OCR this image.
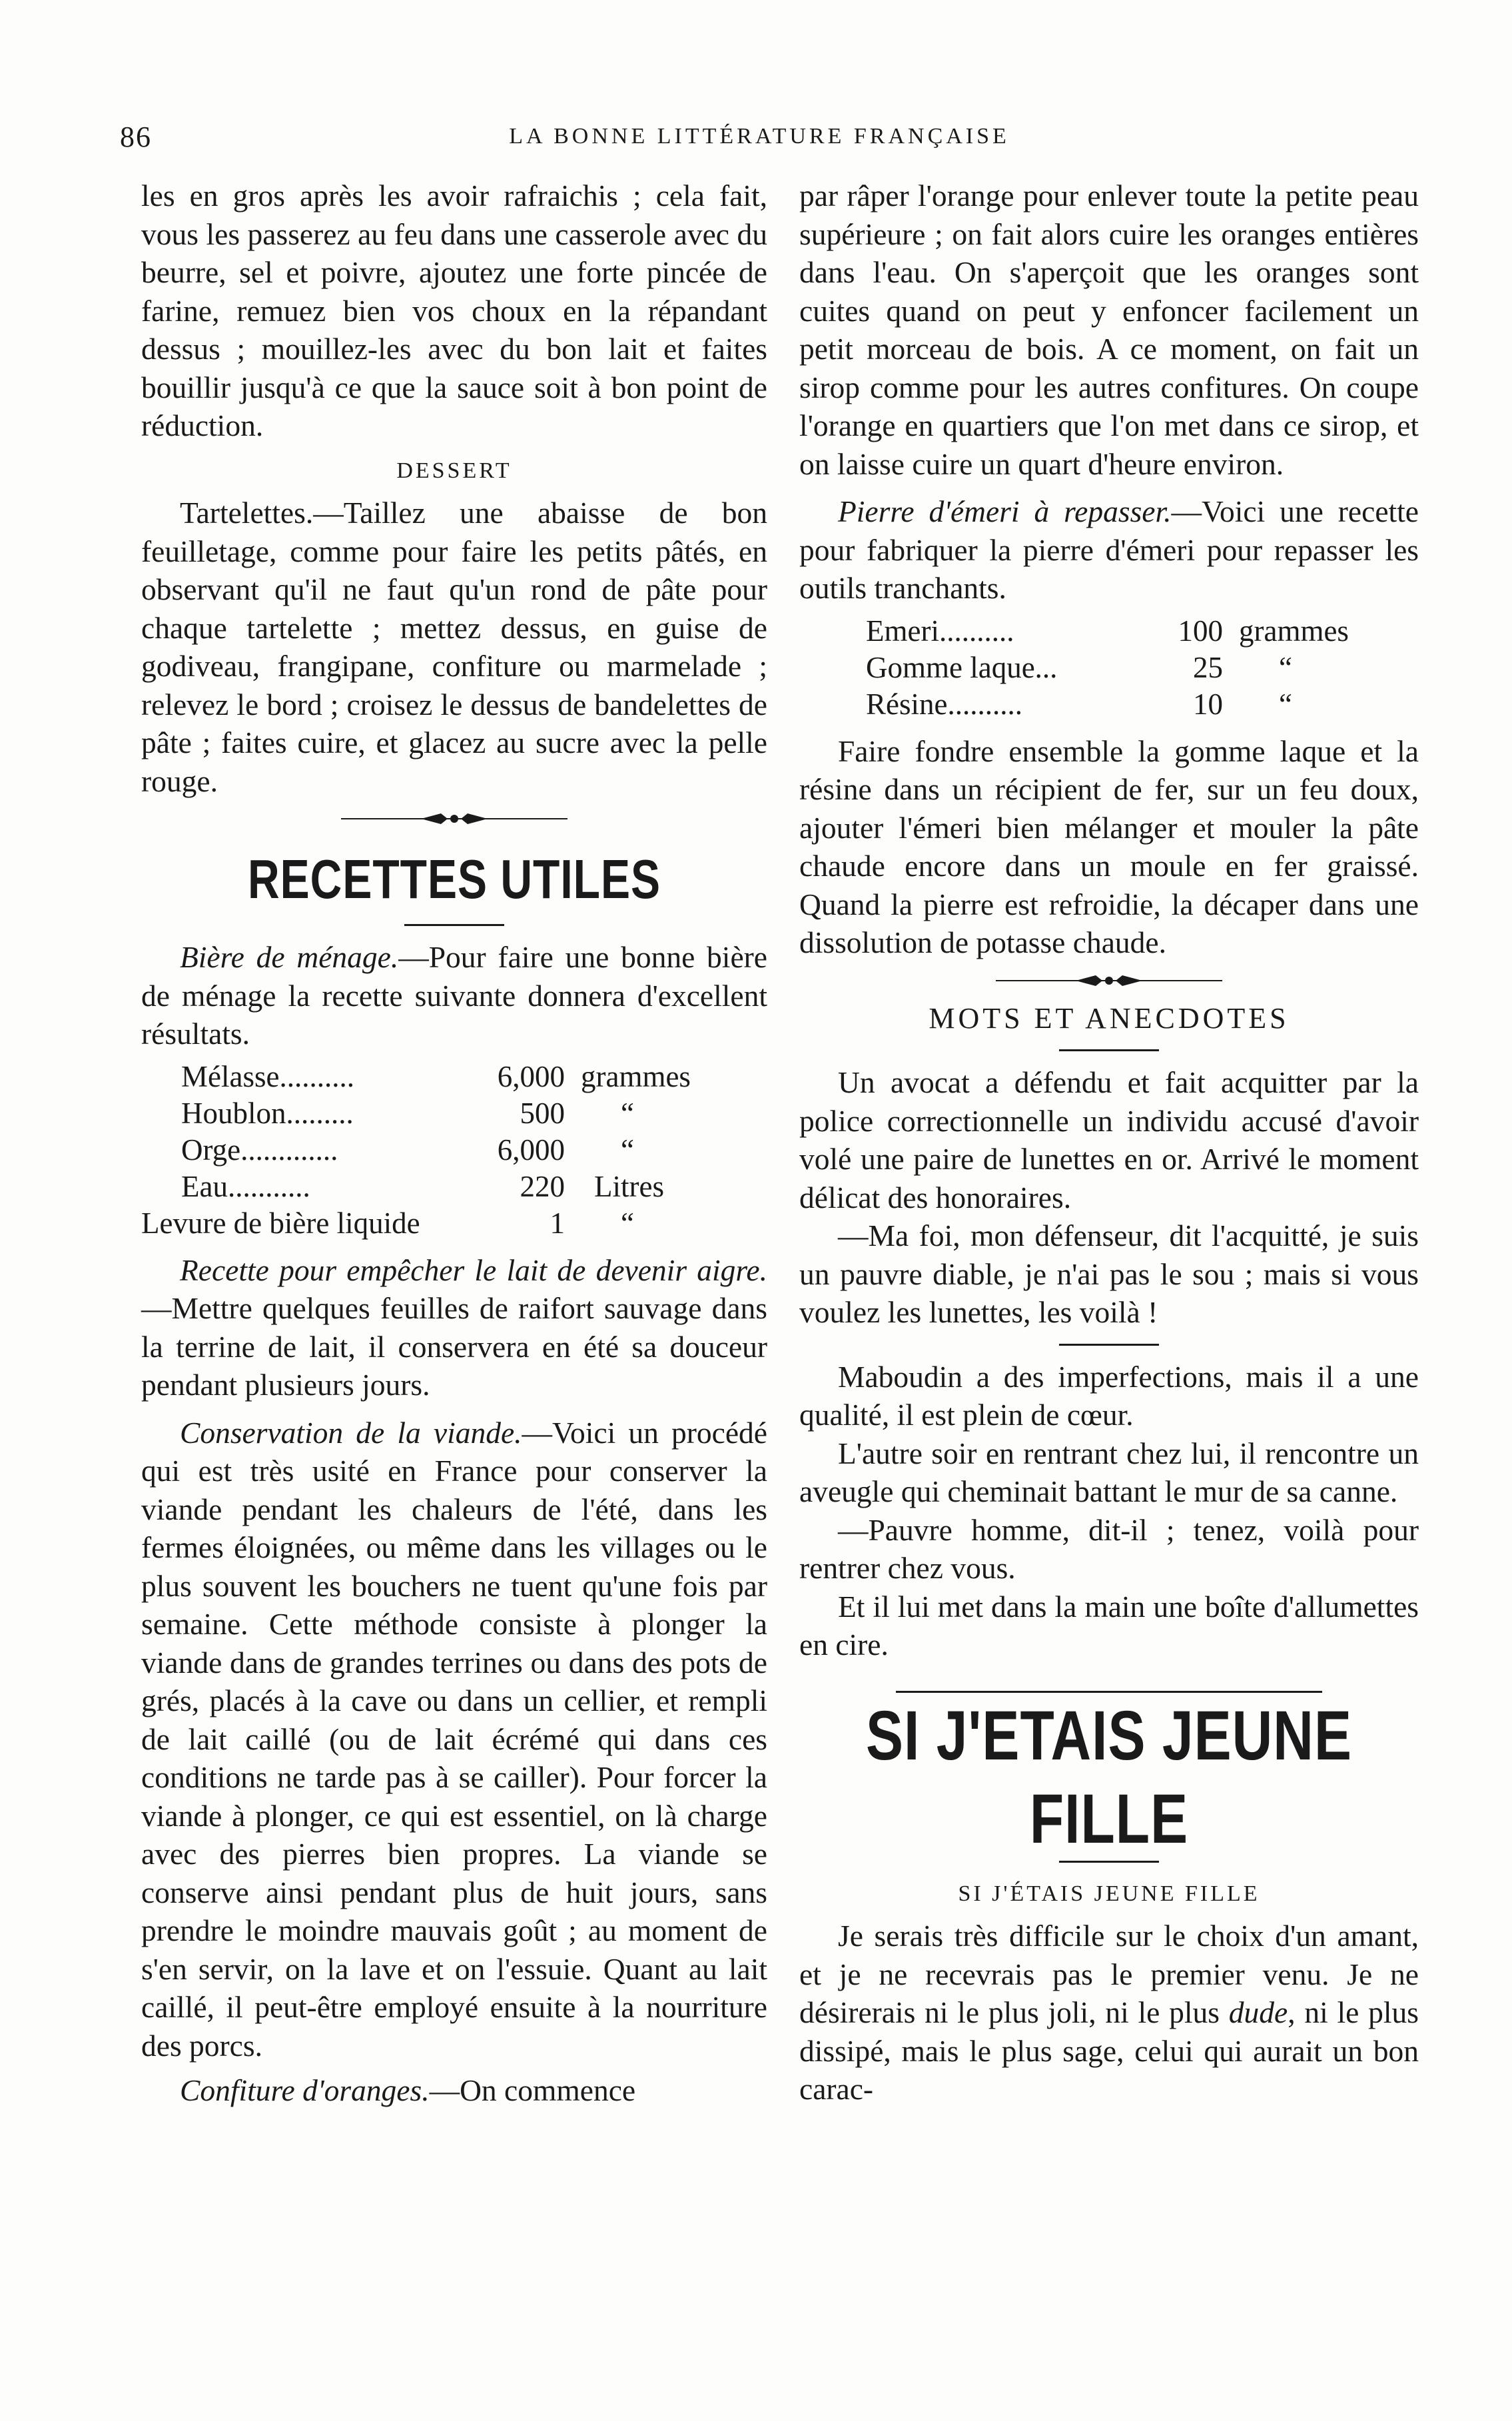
86	LA BONNE LITTÉRATURE FRANÇAISE

les en gros après les avoir rafraichis ; cela fait, vous les passerez au feu dans une casserole avec du beurre, sel et poivre, ajoutez une forte pincée de farine, remuez bien vos choux en la répandant dessus ; mouillez-les avec du bon lait et faites bouillir jusqu'à ce que la sauce soit à bon point de réduction.

DESSERT

Tartelettes.—Taillez une abaisse de bon feuilletage, comme pour faire les petits pâtés, en observant qu'il ne faut qu'un rond de pâte pour chaque tartelette ; mettez dessus, en guise de godiveau, frangipane, confiture ou marmelade ; relevez le bord ; croisez le dessus de bandelettes de pâte ; faites cuire, et glacez au sucre avec la pelle rouge.

RECETTES UTILES

Bière de ménage.—Pour faire une bonne bière de ménage la recette suivante donnera d'excellent résultats.

Mélasse..........	6,000	grammes
Houblon.........	500	“
Orge.............	6,000	“
Eau...........	220	Litres
Levure de bière liquide	1	“

Recette pour empêcher le lait de devenir aigre.—Mettre quelques feuilles de raifort sauvage dans la terrine de lait, il conservera en été sa douceur pendant plusieurs jours.

Conservation de la viande.—Voici un procédé qui est très usité en France pour conserver la viande pendant les chaleurs de l'été, dans les fermes éloignées, ou même dans les villages ou le plus souvent les bouchers ne tuent qu'une fois par semaine. Cette méthode consiste à plonger la viande dans de grandes terrines ou dans des pots de grés, placés à la cave ou dans un cellier, et rempli de lait caillé (ou de lait écrémé qui dans ces conditions ne tarde pas à se cailler). Pour forcer la viande à plonger, ce qui est essentiel, on là charge avec des pierres bien propres. La viande se conserve ainsi pendant plus de huit jours, sans prendre le moindre mauvais goût ; au moment de s'en servir, on la lave et on l'essuie. Quant au lait caillé, il peut-être employé ensuite à la nourriture des porcs.

Confiture d'oranges.—On commence

par râper l'orange pour enlever toute la petite peau supérieure ; on fait alors cuire les oranges entières dans l'eau. On s'aperçoit que les oranges sont cuites quand on peut y enfoncer facilement un petit morceau de bois. A ce moment, on fait un sirop comme pour les autres confitures. On coupe l'orange en quartiers que l'on met dans ce sirop, et on laisse cuire un quart d'heure environ.

Pierre d'émeri à repasser.—Voici une recette pour fabriquer la pierre d'émeri pour repasser les outils tranchants.

Emeri..........	100	grammes
Gomme laque...	25	“
Résine..........	10	“

Faire fondre ensemble la gomme laque et la résine dans un récipient de fer, sur un feu doux, ajouter l'émeri bien mélanger et mouler la pâte chaude encore dans un moule en fer graissé. Quand la pierre est refroidie, la décaper dans une dissolution de potasse chaude.

MOTS ET ANECDOTES

Un avocat a défendu et fait acquitter par la police correctionnelle un individu accusé d'avoir volé une paire de lunettes en or. Arrivé le moment délicat des honoraires.

—Ma foi, mon défenseur, dit l'acquitté, je suis un pauvre diable, je n'ai pas le sou ; mais si vous voulez les lunettes, les voilà !

Maboudin a des imperfections, mais il a une qualité, il est plein de cœur.

L'autre soir en rentrant chez lui, il rencontre un aveugle qui cheminait battant le mur de sa canne.

—Pauvre homme, dit-il ; tenez, voilà pour rentrer chez vous.

Et il lui met dans la main une boîte d'allumettes en cire.

SI J'ETAIS JEUNE FILLE
SI J'ÉTAIS JEUNE FILLE

Je serais très difficile sur le choix d'un amant, et je ne recevrais pas le premier venu. Je ne désirerais ni le plus joli, ni le plus dude, ni le plus dissipé, mais le plus sage, celui qui aurait un bon carac-
